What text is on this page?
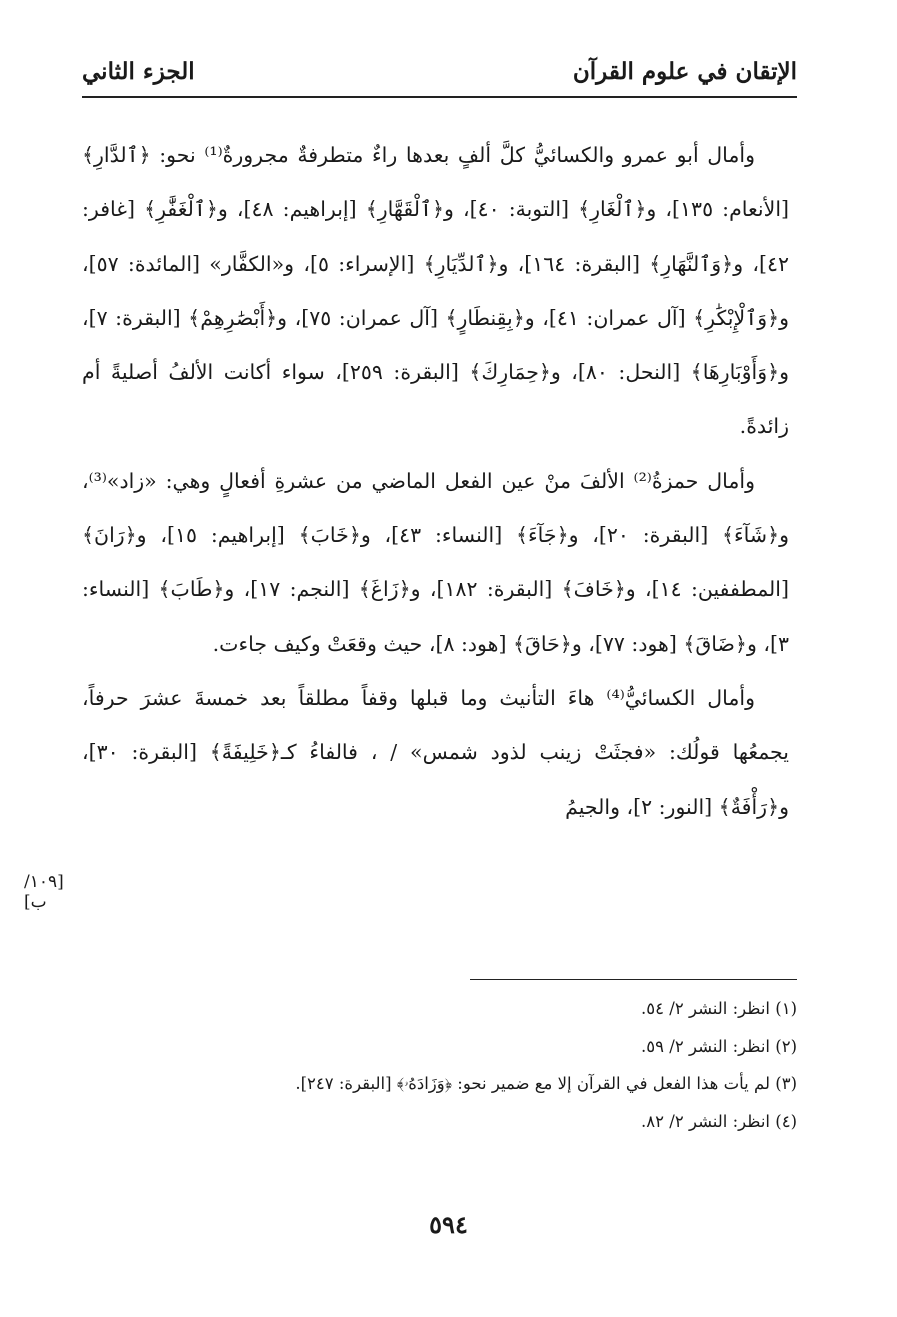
الإتقان في علوم القرآن
الجزء الثاني

وأمال أبو عمرو والكسائيُّ كلَّ ألفٍ بعدها راءٌ متطرفةٌ مجرورةٌ⁽¹⁾ نحو: ﴿ٱلدَّارِ﴾ [الأنعام: ١٣٥]، و﴿ٱلْغَارِ﴾ [التوبة: ٤٠]، و﴿ٱلْقَهَّارِ﴾ [إبراهيم: ٤٨]، و﴿ٱلْغَفَّٰرِ﴾ [غافر: ٤٢]، و﴿وَٱلنَّهَارِ﴾ [البقرة: ١٦٤]، و﴿ٱلدِّيَارِ﴾ [الإسراء: ٥]، و«الكفَّار» [المائدة: ٥٧]، و﴿وَٱلْإِبْكَٰرِ﴾ [آل عمران: ٤١]، و﴿بِقِنطَارٍ﴾ [آل عمران: ٧٥]، و﴿أَبْصَٰرِهِمْ﴾ [البقرة: ٧]، و﴿وَأَوْبَارِهَا﴾ [النحل: ٨٠]، و﴿حِمَارِكَ﴾ [البقرة: ٢٥٩]، سواء أكانت الألفُ أصليةً أم زائدةً.

وأمال حمزةُ⁽²⁾ الألفَ منْ عين الفعل الماضي من عشرةِ أفعالٍ وهي: «زاد»⁽³⁾، و﴿شَآءَ﴾ [البقرة: ٢٠]، و﴿جَآءَ﴾ [النساء: ٤٣]، و﴿خَابَ﴾ [إبراهيم: ١٥]، و﴿رَانَ﴾ [المطففين: ١٤]، و﴿خَافَ﴾ [البقرة: ١٨٢]، و﴿زَاغَ﴾ [النجم: ١٧]، و﴿طَابَ﴾ [النساء: ٣]، و﴿ضَاقَ﴾ [هود: ٧٧]، و﴿حَاقَ﴾ [هود: ٨]، حيث وقعَتْ وكيف جاءت.

وأمال الكسائيُّ⁽⁴⁾ هاءَ التأنيث وما قبلها وقفاً مطلقاً بعد خمسةَ عشرَ حرفاً، يجمعُها قولُك: «فجثَتْ زينب لذود شمس» / ، فالفاءُ كـ﴿خَلِيفَةً﴾ [البقرة: ٣٠]، و﴿رَأْفَةٌ﴾ [النور: ٢]، والجيمُ

[١٠٩/ب]
(١) انظر: النشر ٢/ ٥٤.
(٢) انظر: النشر ٢/ ٥٩.
(٣) لم يأت هذا الفعل في القرآن إلا مع ضمير نحو: ﴿وَزَادَهُۥ﴾ [البقرة: ٢٤٧].
(٤) انظر: النشر ٢/ ٨٢.
٥٩٤
